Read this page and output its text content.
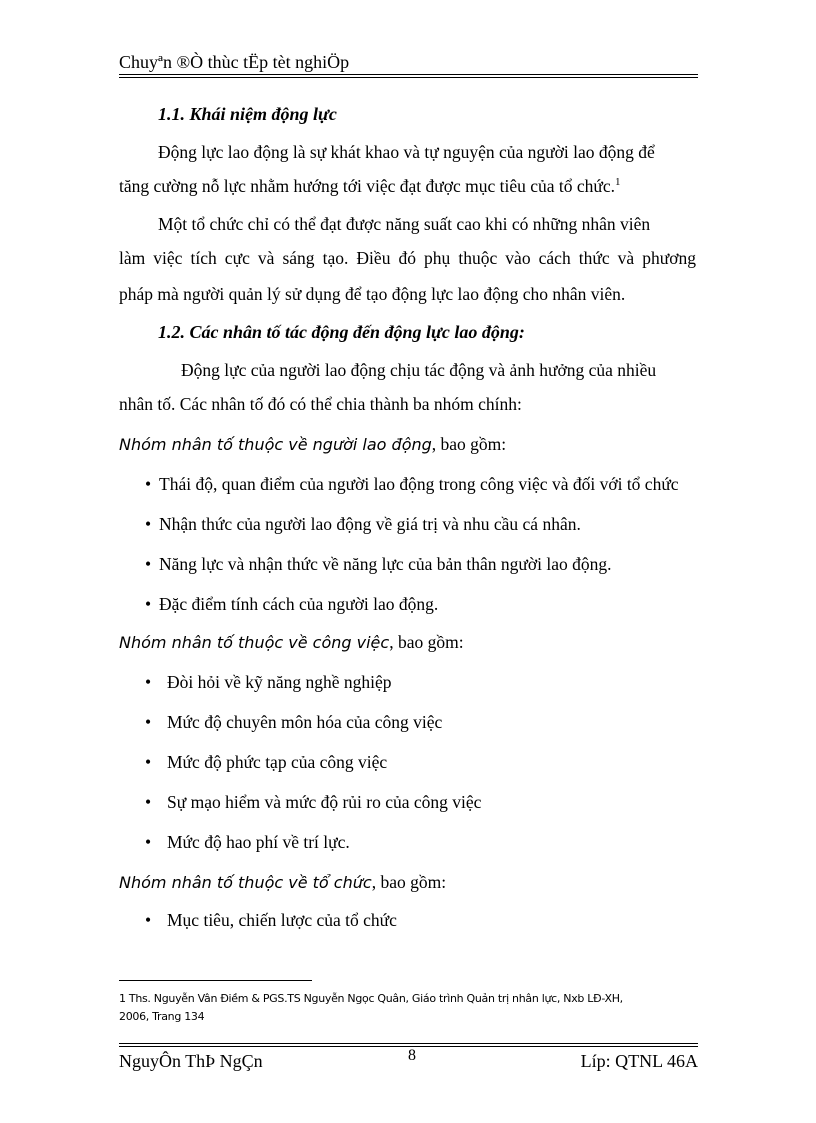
Chuyªn ®Ò thùc tËp tèt nghiÖp
1.1. Khái niệm động lực
Động lực lao động là sự khát khao và tự nguyện của người lao động để
tăng cường nỗ lực nhằm hướng tới việc đạt được mục tiêu của tổ chức.$^1$
Một tổ chức chỉ có thể đạt được năng suất cao khi có những nhân viên
làm việc tích cực và sáng tạo. Điều đó phụ thuộc vào cách thức và phương
pháp mà người quản lý sử dụng để tạo động lực lao động cho nhân viên.
1.2. Các nhân tố tác động đến động lực lao động:
Động lực của người lao động chịu tác động và ảnh hưởng của nhiều
nhân tố. Các nhân tố đó có thể chia thành ba nhóm chính:
Nhóm nhân tố thuộc về người lao động, bao gồm:
• Thái độ, quan điểm của người lao động trong công việc và đối với tổ chức
• Nhận thức của người lao động về giá trị và nhu cầu cá nhân.
• Năng lực và nhận thức về năng lực của bản thân người lao động.
• Đặc điểm tính cách của người lao động.
Nhóm nhân tố thuộc về công việc, bao gồm:
• Đòi hỏi về kỹ năng nghề nghiệp
• Mức độ chuyên môn hóa của công việc
• Mức độ phức tạp của công việc
• Sự mạo hiểm và mức độ rủi ro của công việc
• Mức độ hao phí về trí lực.
Nhóm nhân tố thuộc về tổ chức, bao gồm:
• Mục tiêu, chiến lược của tổ chức
1 Ths. Nguyễn Vân Điềm & PGS.TS Nguyễn Ngọc Quân, Giáo trình Quản trị nhân lực, Nxb LĐ-XH,
2006, Trang 134
NguyÔn ThÞ NgÇn	8	Líp: QTNL 46A
